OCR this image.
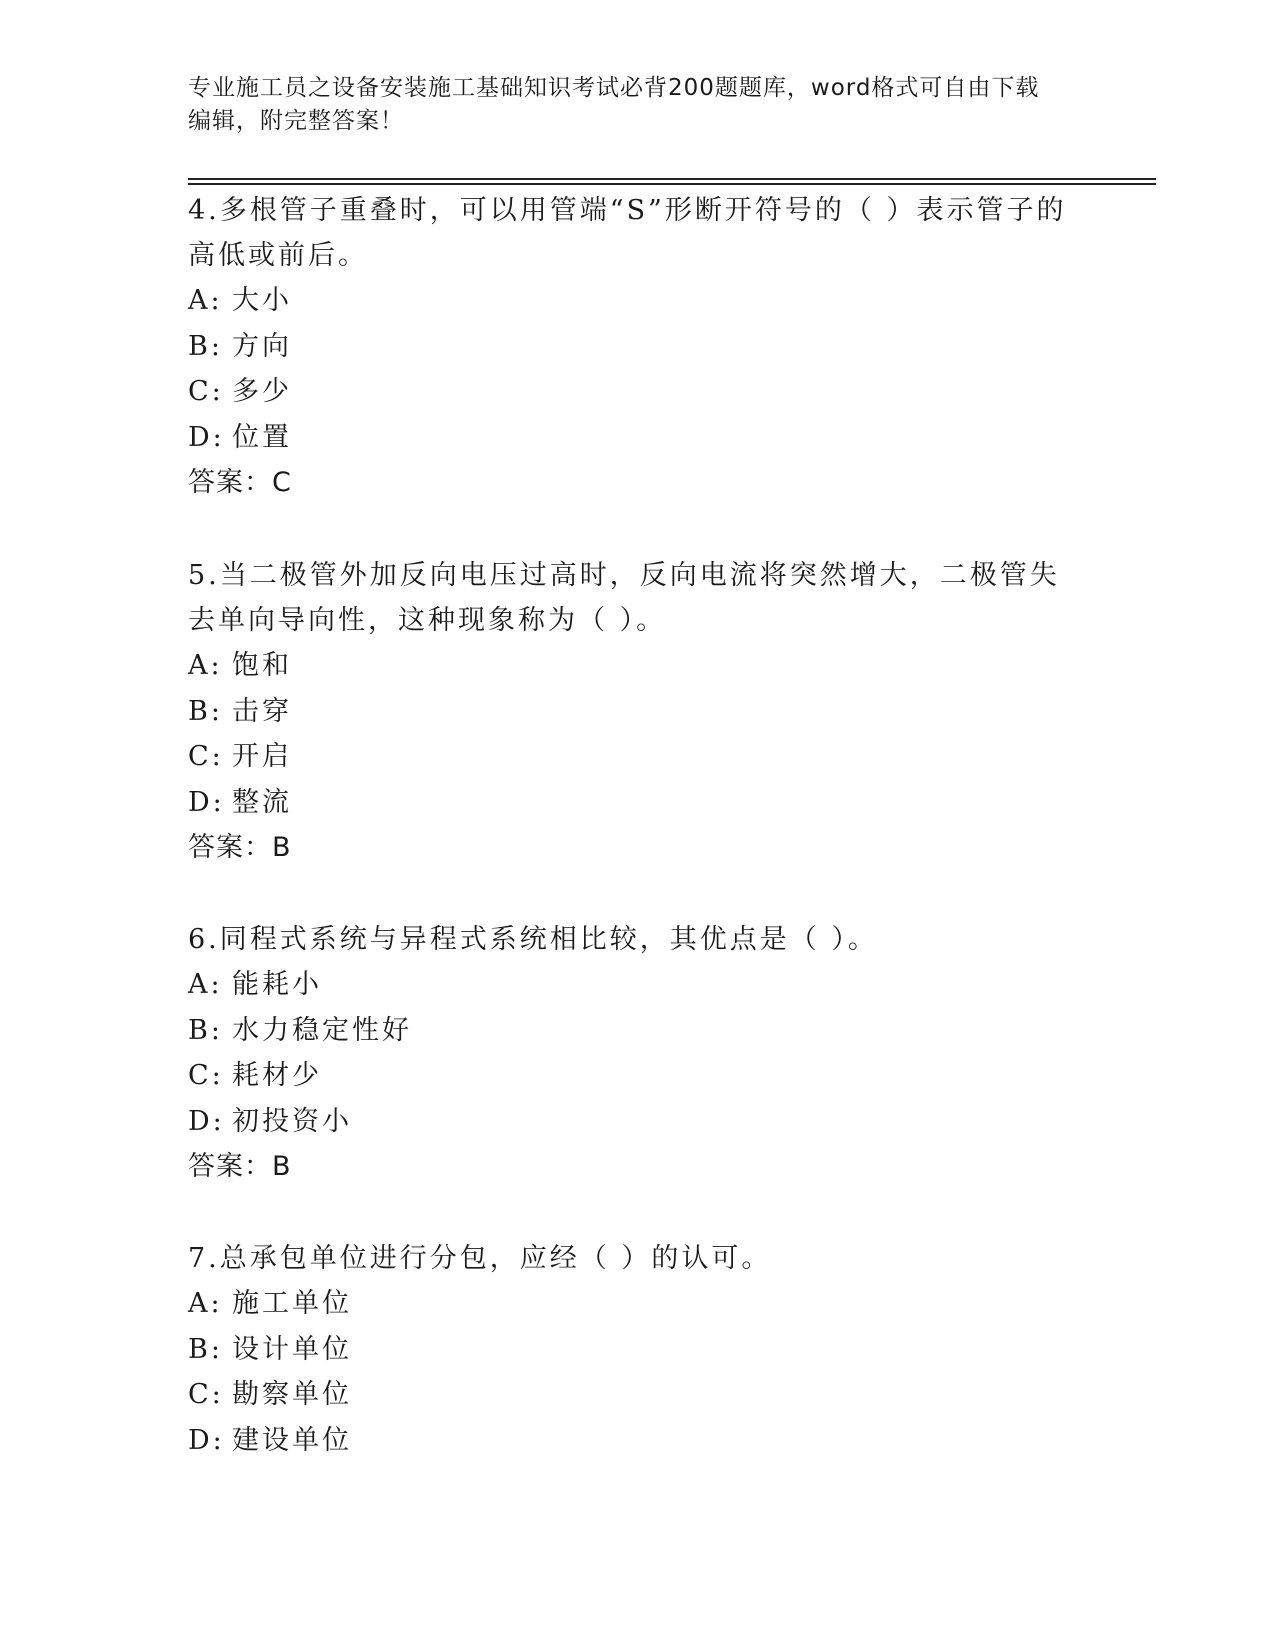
专业施工员之设备安装施工基础知识考试必背200题题库，word格式可自由下载
编辑，附完整答案！

4.多根管子重叠时，可以用管端“S”形断开符号的（ ）表示管子的高低或前后。

A: 大小
B: 方向
C: 多少
D: 位置
答案：C

5.当二极管外加反向电压过高时，反向电流将突然增大，二极管失去单向导向性，这种现象称为（ ）。

A: 饱和
B: 击穿
C: 开启
D: 整流
答案：B

6.同程式系统与异程式系统相比较，其优点是（ ）。

A: 能耗小
B: 水力稳定性好
C: 耗材少
D: 初投资小
答案：B

7.总承包单位进行分包，应经（ ）的认可。

A: 施工单位
B: 设计单位
C: 勘察单位
D: 建设单位
